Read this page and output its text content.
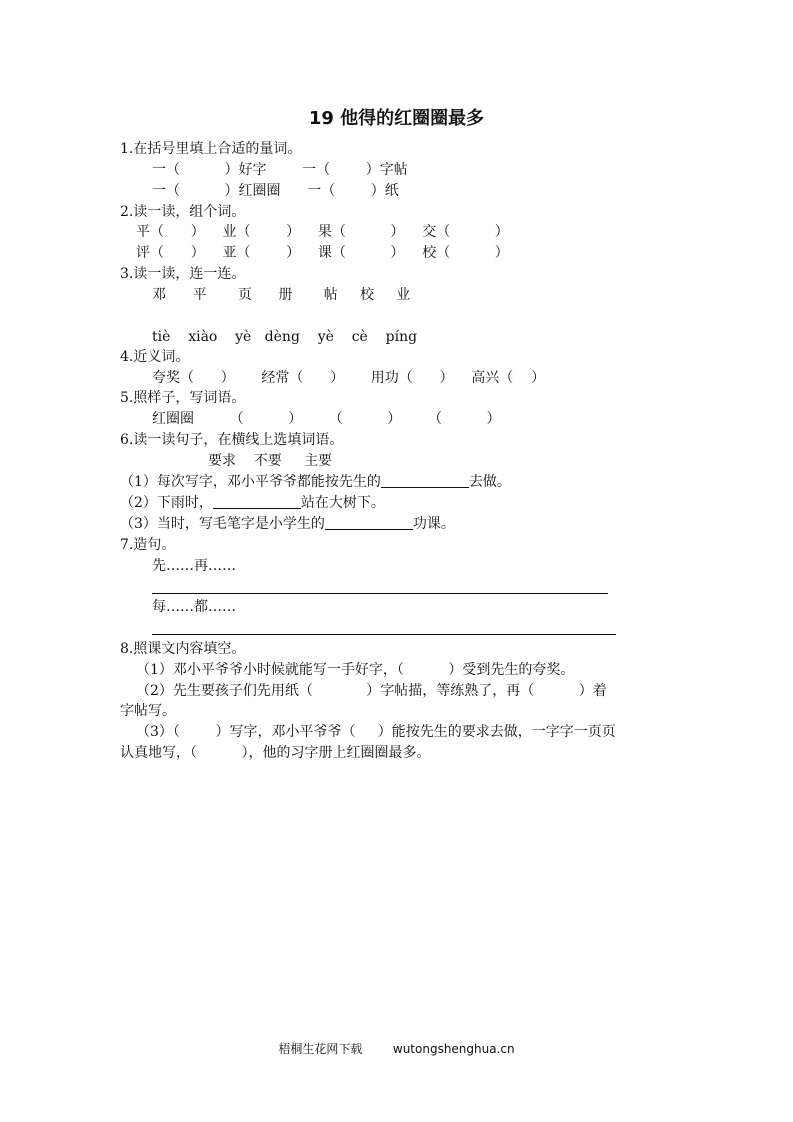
19 他得的红圈圈最多
1.在括号里填上合适的量词。
一（          ）好字        一（        ）字帖
一（          ）红圈圈      一（        ）纸
2.读一读，组个词。
平（      ）    业（        ）    果（          ）    交（          ）
评（      ）    亚（        ）    课（          ）    校（          ）
3.读一读，连一连。
邓      平       页      册       帖     校     业
tiè    xiào    yè   dèng    yè    cè    píng
4.近义词。
夸奖（      ）      经常（      ）      用功（      ）    高兴（    ）
5.照样子，写词语。
红圈圈        （          ）      （          ）      （          ）
6.读一读句子，在横线上选填词语。
要求    不要     主要
（1）每次写字，邓小平爷爷都能按先生的	去做。
（2）下雨时，	站在大树下。
（3）当时，写毛笔字是小学生的	功课。
7.造句。
先……再……
每……都……
8.照课文内容填空。
（1）邓小平爷爷小时候就能写一手好字，（          ）受到先生的夸奖。
（2）先生要孩子们先用纸（            ）字帖描，等练熟了，再（          ）着
字帖写。
（3）（        ）写字，邓小平爷爷（     ）能按先生的要求去做，一字字一页页
认真地写，（          ），他的习字册上红圈圈最多。
梧桐生花网下载        wutongshenghua.cn
